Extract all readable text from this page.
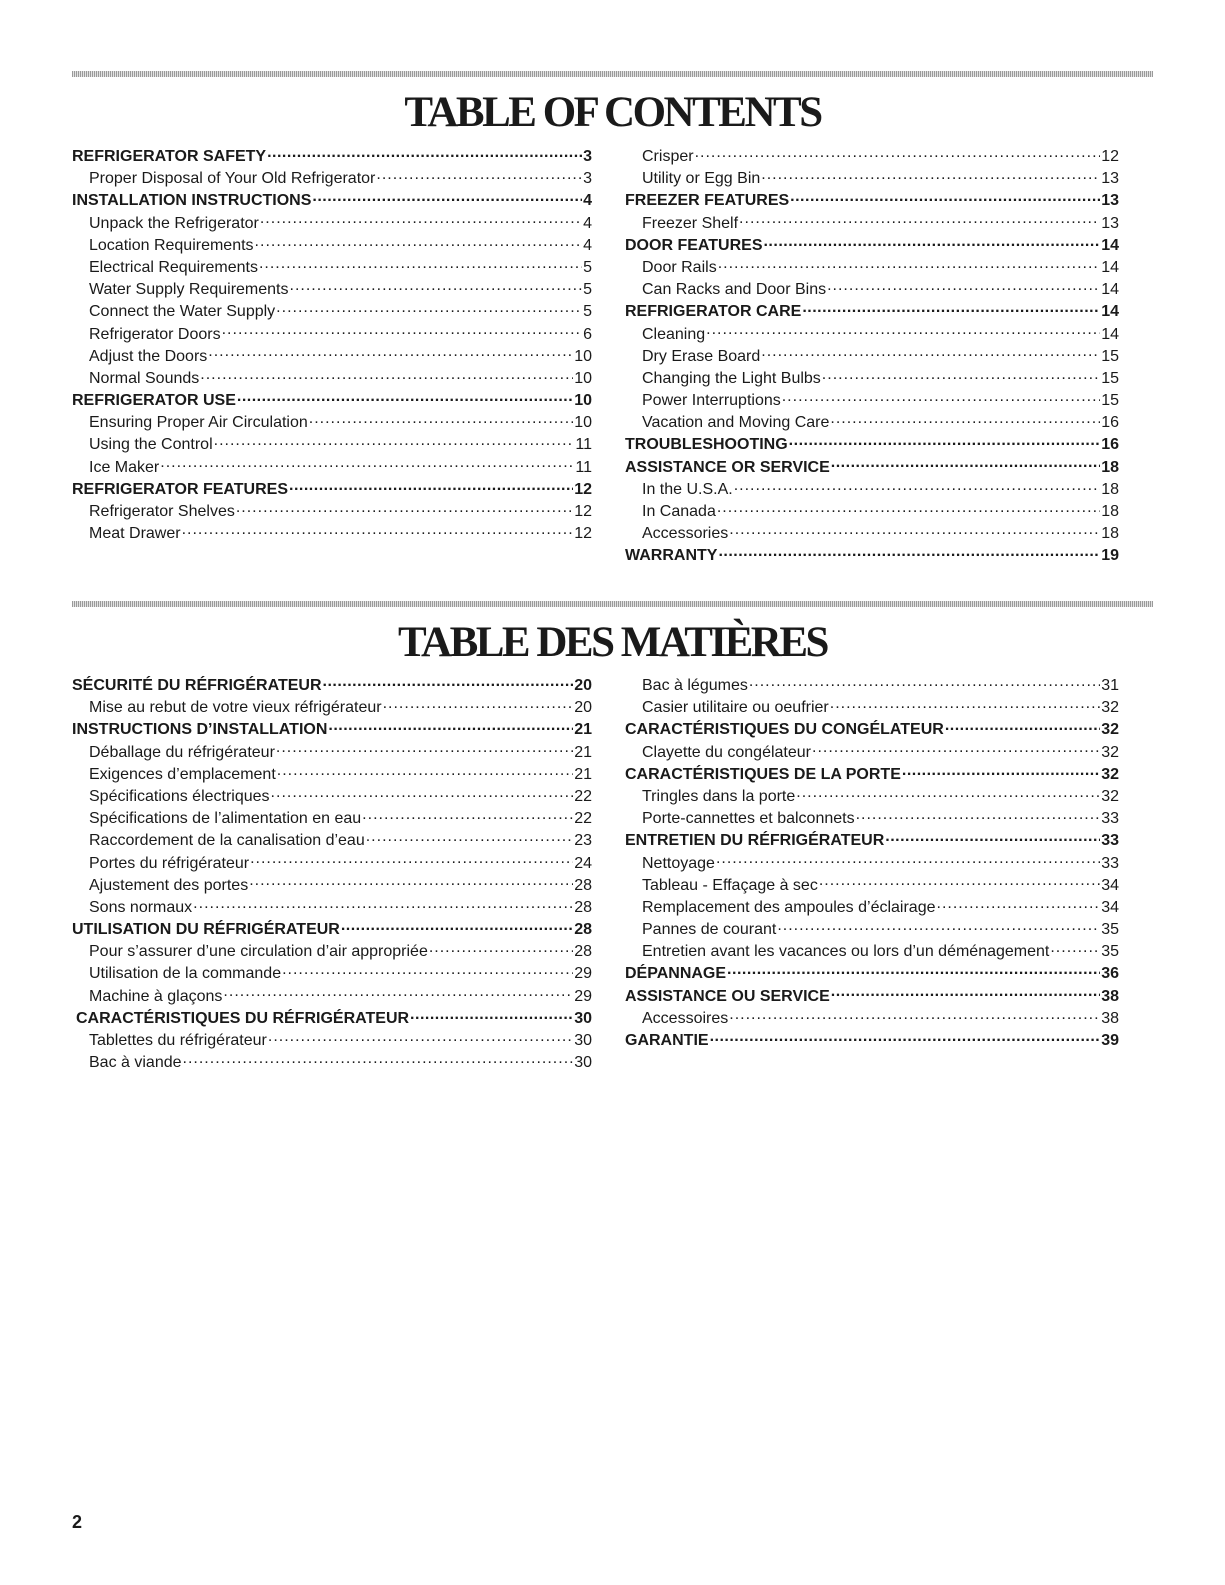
TABLE OF CONTENTS
REFRIGERATOR SAFETY .....	3
Proper Disposal of Your Old Refrigerator .....	3
INSTALLATION INSTRUCTIONS .....	4
Unpack the Refrigerator .....	4
Location Requirements .....	4
Electrical Requirements .....	5
Water Supply Requirements .....	5
Connect the Water Supply .....	5
Refrigerator Doors .....	6
Adjust the Doors .....	10
Normal Sounds .....	10
REFRIGERATOR USE .....	10
Ensuring Proper Air Circulation .....	10
Using the Control .....	11
Ice Maker .....	11
REFRIGERATOR FEATURES .....	12
Refrigerator Shelves .....	12
Meat Drawer .....	12
Crisper .....	12
Utility or Egg Bin .....	13
FREEZER FEATURES .....	13
Freezer Shelf .....	13
DOOR FEATURES .....	14
Door Rails .....	14
Can Racks and Door Bins .....	14
REFRIGERATOR CARE .....	14
Cleaning .....	14
Dry Erase Board .....	15
Changing the Light Bulbs .....	15
Power Interruptions .....	15
Vacation and Moving Care .....	16
TROUBLESHOOTING .....	16
ASSISTANCE OR SERVICE .....	18
In the U.S.A. .....	18
In Canada .....	18
Accessories .....	18
WARRANTY .....	19
TABLE DES MATIÈRES
SÉCURITÉ DU RÉFRIGÉRATEUR .....	20
Mise au rebut de votre vieux réfrigérateur .....	20
INSTRUCTIONS D’INSTALLATION .....	21
Déballage du réfrigérateur .....	21
Exigences d’emplacement .....	21
Spécifications électriques .....	22
Spécifications de l’alimentation en eau .....	22
Raccordement de la canalisation d’eau .....	23
Portes du réfrigérateur .....	24
Ajustement des portes .....	28
Sons normaux .....	28
UTILISATION DU RÉFRIGÉRATEUR .....	28
Pour s’assurer d’une circulation d’air appropriée .....	28
Utilisation de la commande .....	29
Machine à glaçons .....	29
CARACTÉRISTIQUES DU RÉFRIGÉRATEUR .....	30
Tablettes du réfrigérateur .....	30
Bac à viande .....	30
Bac à légumes .....	31
Casier utilitaire ou oeufrier .....	32
CARACTÉRISTIQUES DU CONGÉLATEUR .....	32
Clayette du congélateur .....	32
CARACTÉRISTIQUES DE LA PORTE .....	32
Tringles dans la porte .....	32
Porte-cannettes et balconnets .....	33
ENTRETIEN DU RÉFRIGÉRATEUR .....	33
Nettoyage .....	33
Tableau - Effaçage à sec .....	34
Remplacement des ampoules d’éclairage .....	34
Pannes de courant .....	35
Entretien avant les vacances ou lors d’un déménagement .....	35
DÉPANNAGE .....	36
ASSISTANCE OU SERVICE .....	38
Accessoires .....	38
GARANTIE .....	39
2
